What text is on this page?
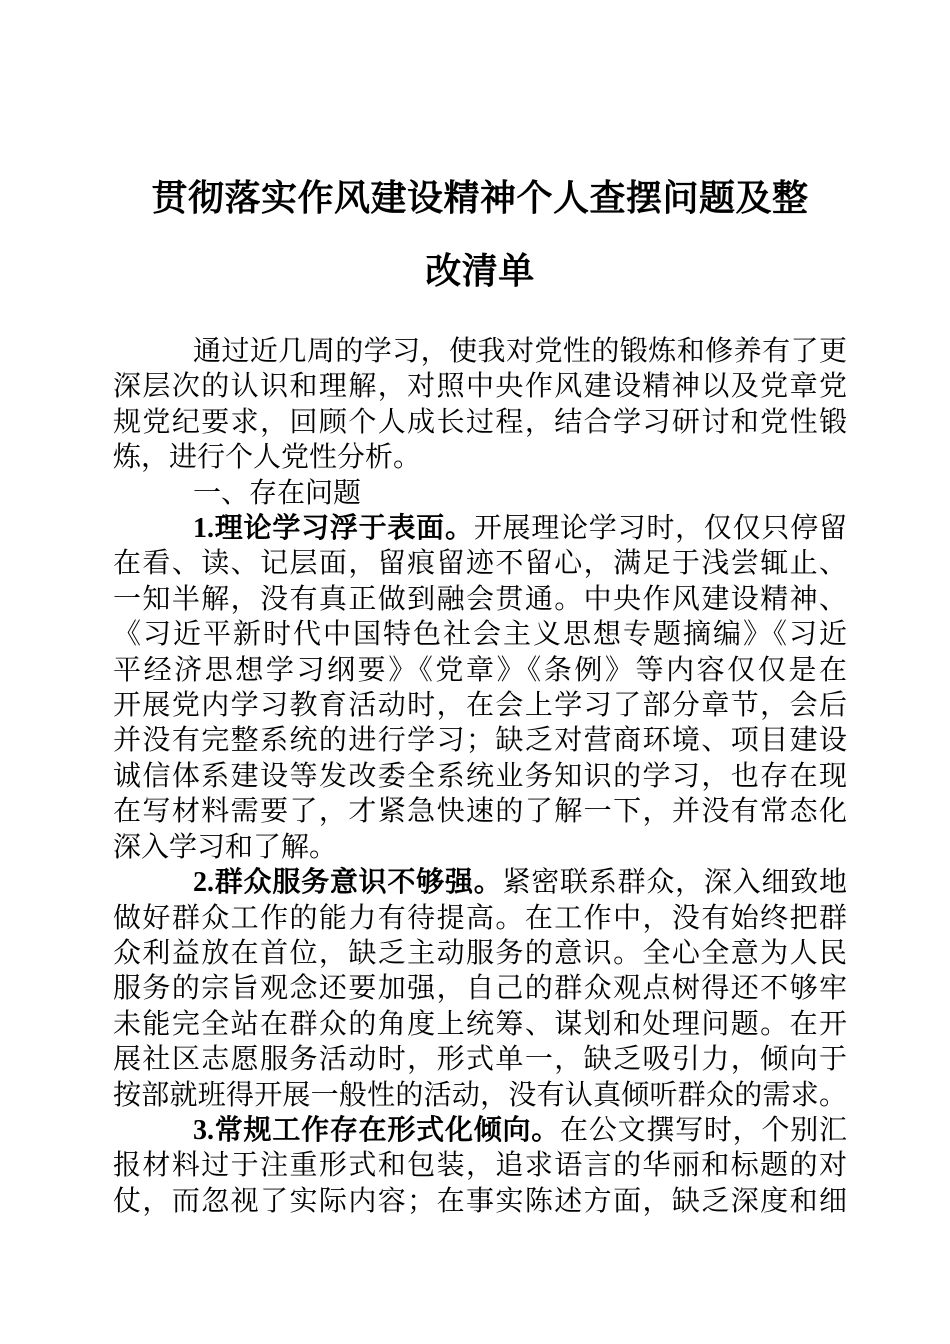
贯彻落实作风建设精神个人查摆问题及整
改清单
通过近几周的学习，使我对党性的锻炼和修养有了更
深层次的认识和理解，对照中央作风建设精神以及党章党
规党纪要求，回顾个人成长过程，结合学习研讨和党性锻
炼，进行个人党性分析。
一、存在问题
1.理论学习浮于表面。开展理论学习时，仅仅只停留
在看、读、记层面，留痕留迹不留心，满足于浅尝辄止、
一知半解，没有真正做到融会贯通。中央作风建设精神、
《习近平新时代中国特色社会主义思想专题摘编》《习近
平经济思想学习纲要》《党章》《条例》等内容仅仅是在
开展党内学习教育活动时，在会上学习了部分章节，会后
并没有完整系统的进行学习；缺乏对营商环境、项目建设
诚信体系建设等发改委全系统业务知识的学习，也存在现
在写材料需要了，才紧急快速的了解一下，并没有常态化
深入学习和了解。
2.群众服务意识不够强。紧密联系群众，深入细致地
做好群众工作的能力有待提高。在工作中，没有始终把群
众利益放在首位，缺乏主动服务的意识。全心全意为人民
服务的宗旨观念还要加强，自己的群众观点树得还不够牢
未能完全站在群众的角度上统筹、谋划和处理问题。在开
展社区志愿服务活动时，形式单一，缺乏吸引力，倾向于
按部就班得开展一般性的活动，没有认真倾听群众的需求。
3.常规工作存在形式化倾向。在公文撰写时，个别汇
报材料过于注重形式和包装，追求语言的华丽和标题的对
仗，而忽视了实际内容；在事实陈述方面，缺乏深度和细
